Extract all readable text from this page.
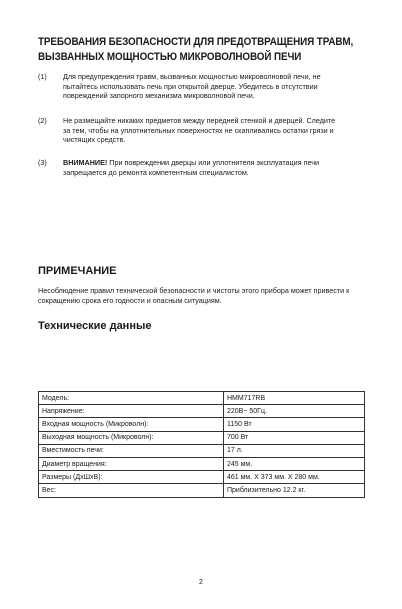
ТРЕБОВАНИЯ БЕЗОПАСНОСТИ ДЛЯ ПРЕДОТВРАЩЕНИЯ ТРАВМ,
ВЫЗВАННЫХ МОЩНОСТЬЮ МИКРОВОЛНОВОЙ ПЕЧИ
(1)	Для предупреждения травм, вызванных мощностью микроволновой печи, не
пытайтесь использовать печь при открытой дверце. Убедитесь в отсутствии
повреждений запорного механизма микроволновой печи.
(2)	Не размещайте никаких предметов между передней стенкой и дверцей. Следите
за тем, чтобы на уплотнительных поверхностях не скапливались остатки грязи и
чистящих средств.
(3)	ВНИМАНИЕ! При повреждении дверцы или уплотнителя эксплуатация печи
запрещается до ремонта компетентным специалистом.
ПРИМЕЧАНИЕ
Несоблюдение правил технической безопасности и чистоты этого прибора может привести к
сокращению срока его годности и опасным ситуациям.
Технические данные
Модель:	HMM717RB
Напряжение:	220В~ 50Гц.
Входная мощность (Микроволн):	1150 Вт
Выходная мощность (Микроволн):	700 Вт
Вместимость печи:	17 л.
Диаметр вращения:	245 мм.
Размеры (ДxШxВ):	461 мм. X 373 мм. X 280 мм.
Вес:	Приблизительно 12.2 кг.
2
